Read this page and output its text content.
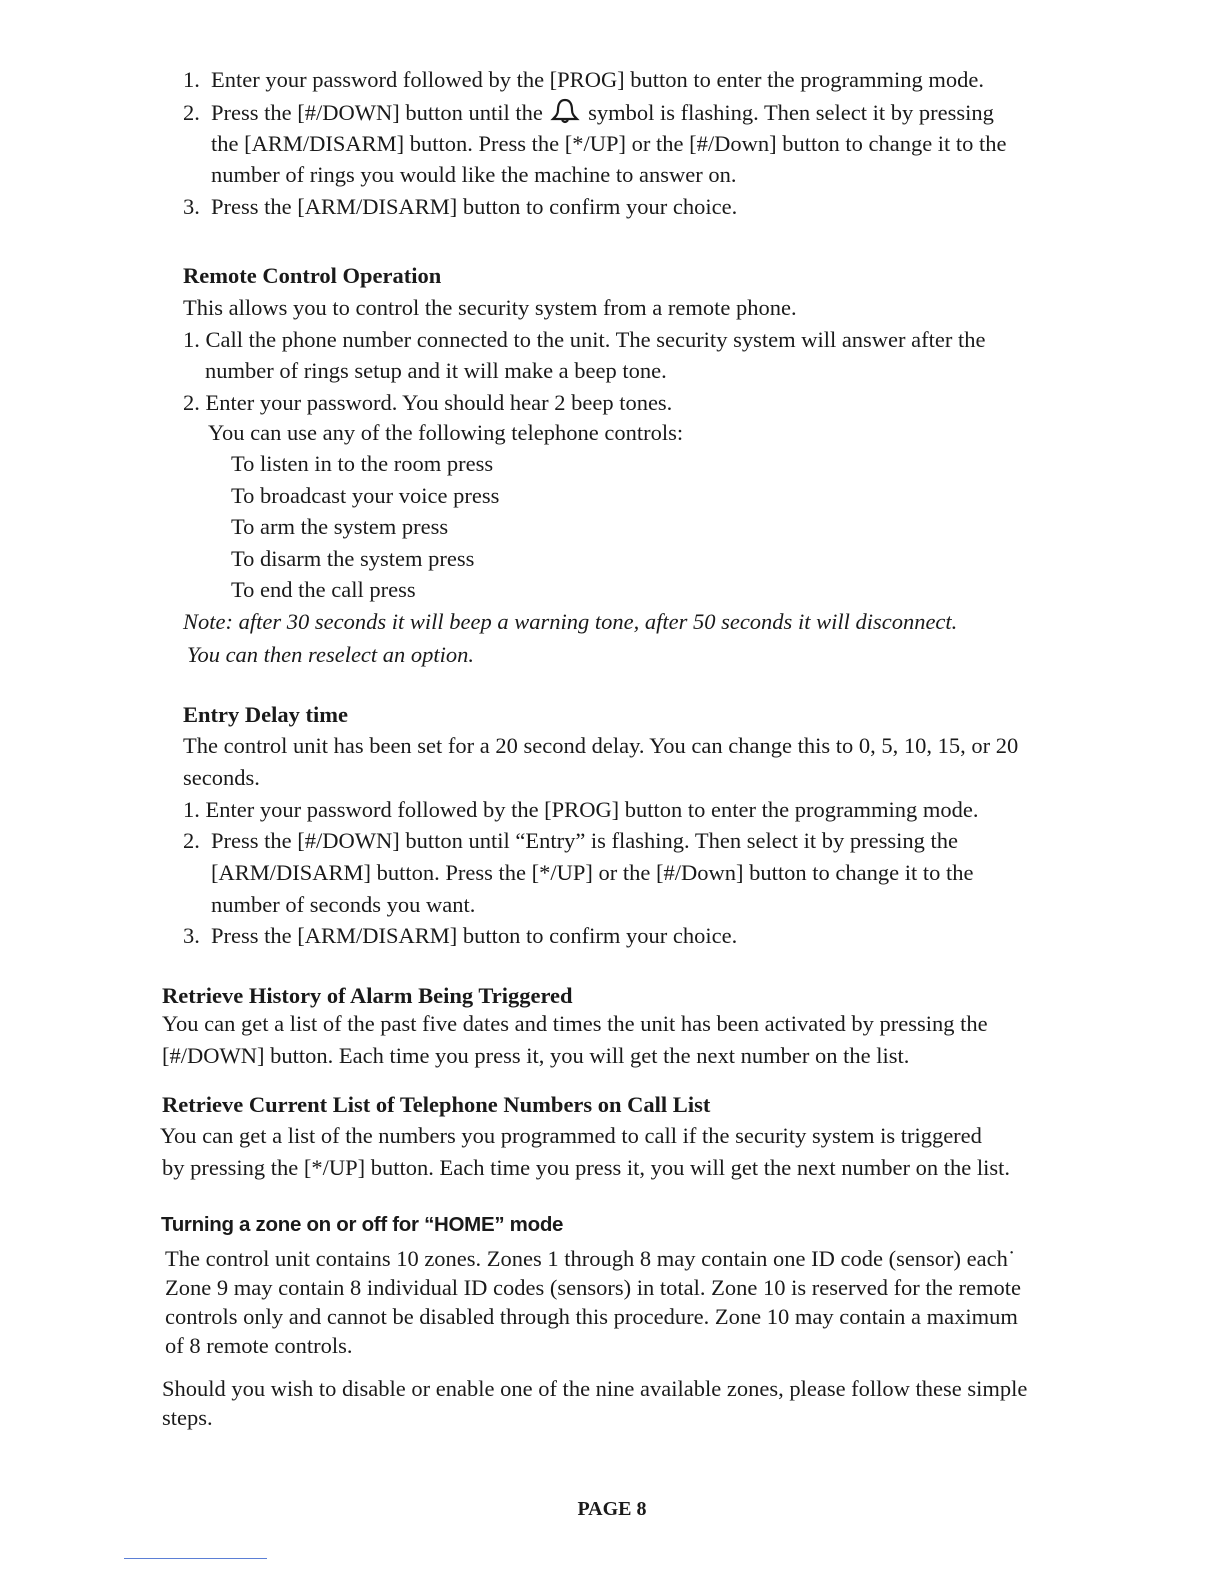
1. Enter your password followed by the [PROG] button to enter the programming mode.
2. Press the [#/DOWN] button until the symbol is flashing. Then select it by pressing
the [ARM/DISARM] button. Press the [*/UP] or the [#/Down] button to change it to the
number of rings you would like the machine to answer on.
3. Press the [ARM/DISARM] button to confirm your choice.
Remote Control Operation
This allows you to control the security system from a remote phone.
1. Call the phone number connected to the unit. The security system will answer after the
number of rings setup and it will make a beep tone.
2. Enter your password. You should hear 2 beep tones.
You can use any of the following telephone controls:
To listen in to the room press
To broadcast your voice press
To arm the system press
To disarm the system press
To end the call press
Note: after 30 seconds it will beep a warning tone, after 50 seconds it will disconnect.
You can then reselect an option.
Entry Delay time
The control unit has been set for a 20 second delay. You can change this to 0, 5, 10, 15, or 20
seconds.
1. Enter your password followed by the [PROG] button to enter the programming mode.
2. Press the [#/DOWN] button until “Entry” is flashing. Then select it by pressing the
[ARM/DISARM] button. Press the [*/UP] or the [#/Down] button to change it to the
number of seconds you want.
3. Press the [ARM/DISARM] button to confirm your choice.
Retrieve History of Alarm Being Triggered
You can get a list of the past five dates and times the unit has been activated by pressing the
[#/DOWN] button. Each time you press it, you will get the next number on the list.
Retrieve Current List of Telephone Numbers on Call List
You can get a list of the numbers you programmed to call if the security system is triggered
by pressing the [*/UP] button. Each time you press it, you will get the next number on the list.
Turning a zone on or off for “HOME” mode
The control unit contains 10 zones. Zones 1 through 8 may contain one ID code (sensor) each˙
Zone 9 may contain 8 individual ID codes (sensors) in total. Zone 10 is reserved for the remote
controls only and cannot be disabled through this procedure. Zone 10 may contain a maximum
of 8 remote controls.
Should you wish to disable or enable one of the nine available zones, please follow these simple
steps.
PAGE 8
